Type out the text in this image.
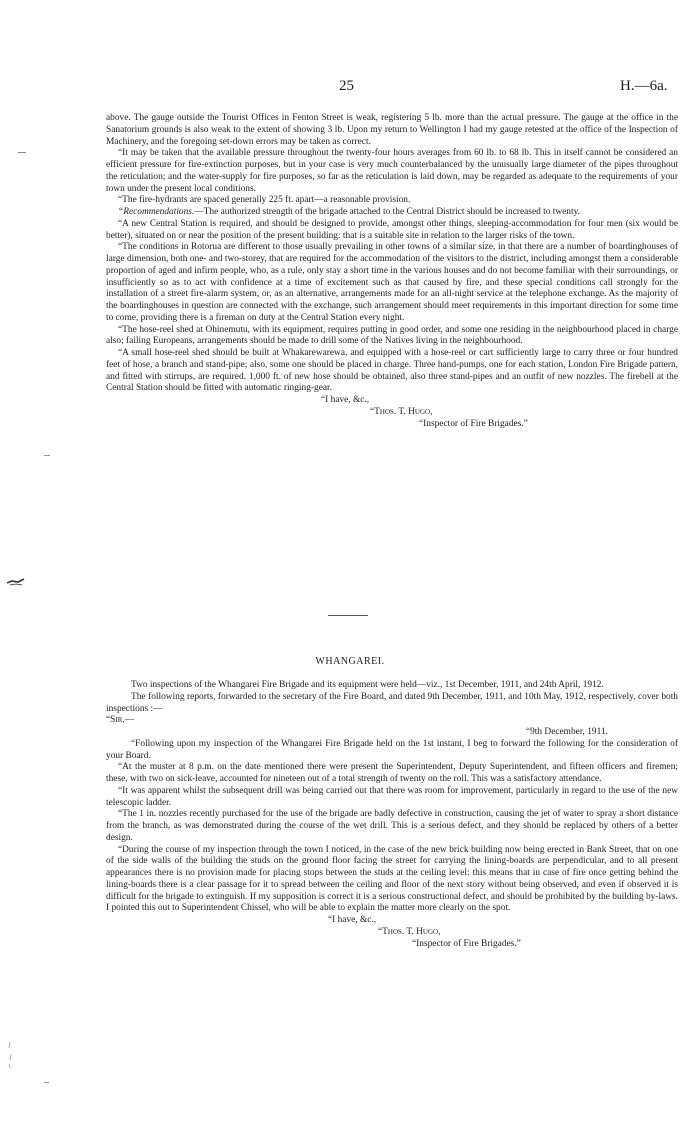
25	H.—6a.

above. The gauge outside the Tourist Offices in Fenton Street is weak, registering 5 lb. more than the actual pressure. The gauge at the office in the Sanatorium grounds is also weak to the extent of showing 3 lb. Upon my return to Wellington I had my gauge retested at the office of the Inspection of Machinery, and the foregoing set-down errors may be taken as correct.

“It may be taken that the available pressure throughout the twenty-four hours averages from 60 lb. to 68 lb. This in itself cannot be considered an efficient pressure for fire-extinction purposes, but in your case is very much counterbalanced by the unusually large diameter of the pipes throughout the reticulation; and the water-supply for fire purposes, so far as the reticulation is laid down, may be regarded as adequate to the requirements of your town under the present local conditions.

“The fire-hydrants are spaced generally 225 ft. apart—a reasonable provision.

“Recommendations.—The authorized strength of the brigade attached to the Central District should be increased to twenty.

“A new Central Station is required, and should be designed to provide, amongst other things, sleeping-accommodation for four men (six would be better), situated on or near the position of the present building: that is a suitable site in relation to the larger risks of the town.

“The conditions in Rotorua are different to those usually prevailing in other towns of a similar size, in that there are a number of boardinghouses of large dimension, both one- and two-storey, that are required for the accommodation of the visitors to the district, including amongst them a considerable proportion of aged and infirm people, who, as a rule, only stay a short time in the various houses and do not become familiar with their surroundings, or insufficiently so as to act with confidence at a time of excitement such as that caused by fire, and these special conditions call strongly for the installation of a street fire-alarm system, or, as an alternative, arrangements made for an all-night service at the telephone exchange. As the majority of the boardinghouses in question are connected with the exchange, such arrangement should meet requirements in this important direction for some time to come, providing there is a fireman on duty at the Central Station every night.

“The hose-reel shed at Ohinemutu, with its equipment, requires putting in good order, and some one residing in the neighbourhood placed in charge also; failing Europeans, arrangements should be made to drill some of the Natives living in the neighbourhood.

“A small hose-reel shed should be built at Whakarewarewa, and equipped with a hose-reel or cart sufficiently large to carry three or four hundred feet of hose, a branch and stand-pipe; also, some one should be placed in charge. Three hand-pumps, one for each station, London Fire Brigade pattern, and fitted with stirrups, are required. 1,000 ft. of new hose should be obtained, also three stand-pipes and an outfit of new nozzles. The firebell at the Central Station should be fitted with automatic ringing-gear.

“I have, &c.,

“Thos. T. Hugo,

“Inspector of Fire Brigades.”

WHANGAREI.

Two inspections of the Whangarei Fire Brigade and its equipment were held—viz., 1st December, 1911, and 24th April, 1912.

The following reports, forwarded to the secretary of the Fire Board, and dated 9th December, 1911, and 10th May, 1912, respectively, cover both inspections :—

“Sir,—

“9th December, 1911.

“Following upon my inspection of the Whangarei Fire Brigade held on the 1st instant, I beg to forward the following for the consideration of your Board.

“At the muster at 8 p.m. on the date mentioned there were present the Superintendent, Deputy Superintendent, and fifteen officers and firemen; these, with two on sick-leave, accounted for nineteen out of a total strength of twenty on the roll. This was a satisfactory attendance.

“It was apparent whilst the subsequent drill was being carried out that there was room for improvement, particularly in regard to the use of the new telescopic ladder.

“The 1 in. nozzles recently purchased for the use of the brigade are badly defective in construction, causing the jet of water to spray a short distance from the branch, as was demonstrated during the course of the wet drill. This is a serious defect, and they should be replaced by others of a better design.

“During the course of my inspection through the town I noticed, in the case of the new brick building now being erected in Bank Street, that on one of the side walls of the building the studs on the ground floor facing the street for carrying the lining-boards are perpendicular, and to all present appearances there is no provision made for placing stops between the studs at the ceiling level: this means that in case of fire once getting behind the lining-boards there is a clear passage for it to spread between the ceiling and floor of the next story without being observed, and even if observed it is difficult for the brigade to extinguish. If my supposition is correct it is a serious constructional defect, and should be prohibited by the building by-laws. I pointed this out to Superintendent Chissel, who will be able to explain the matter more clearly on the spot.

“I have, &c.,

“Thos. T. Hugo,

“Inspector of Fire Brigades.”
